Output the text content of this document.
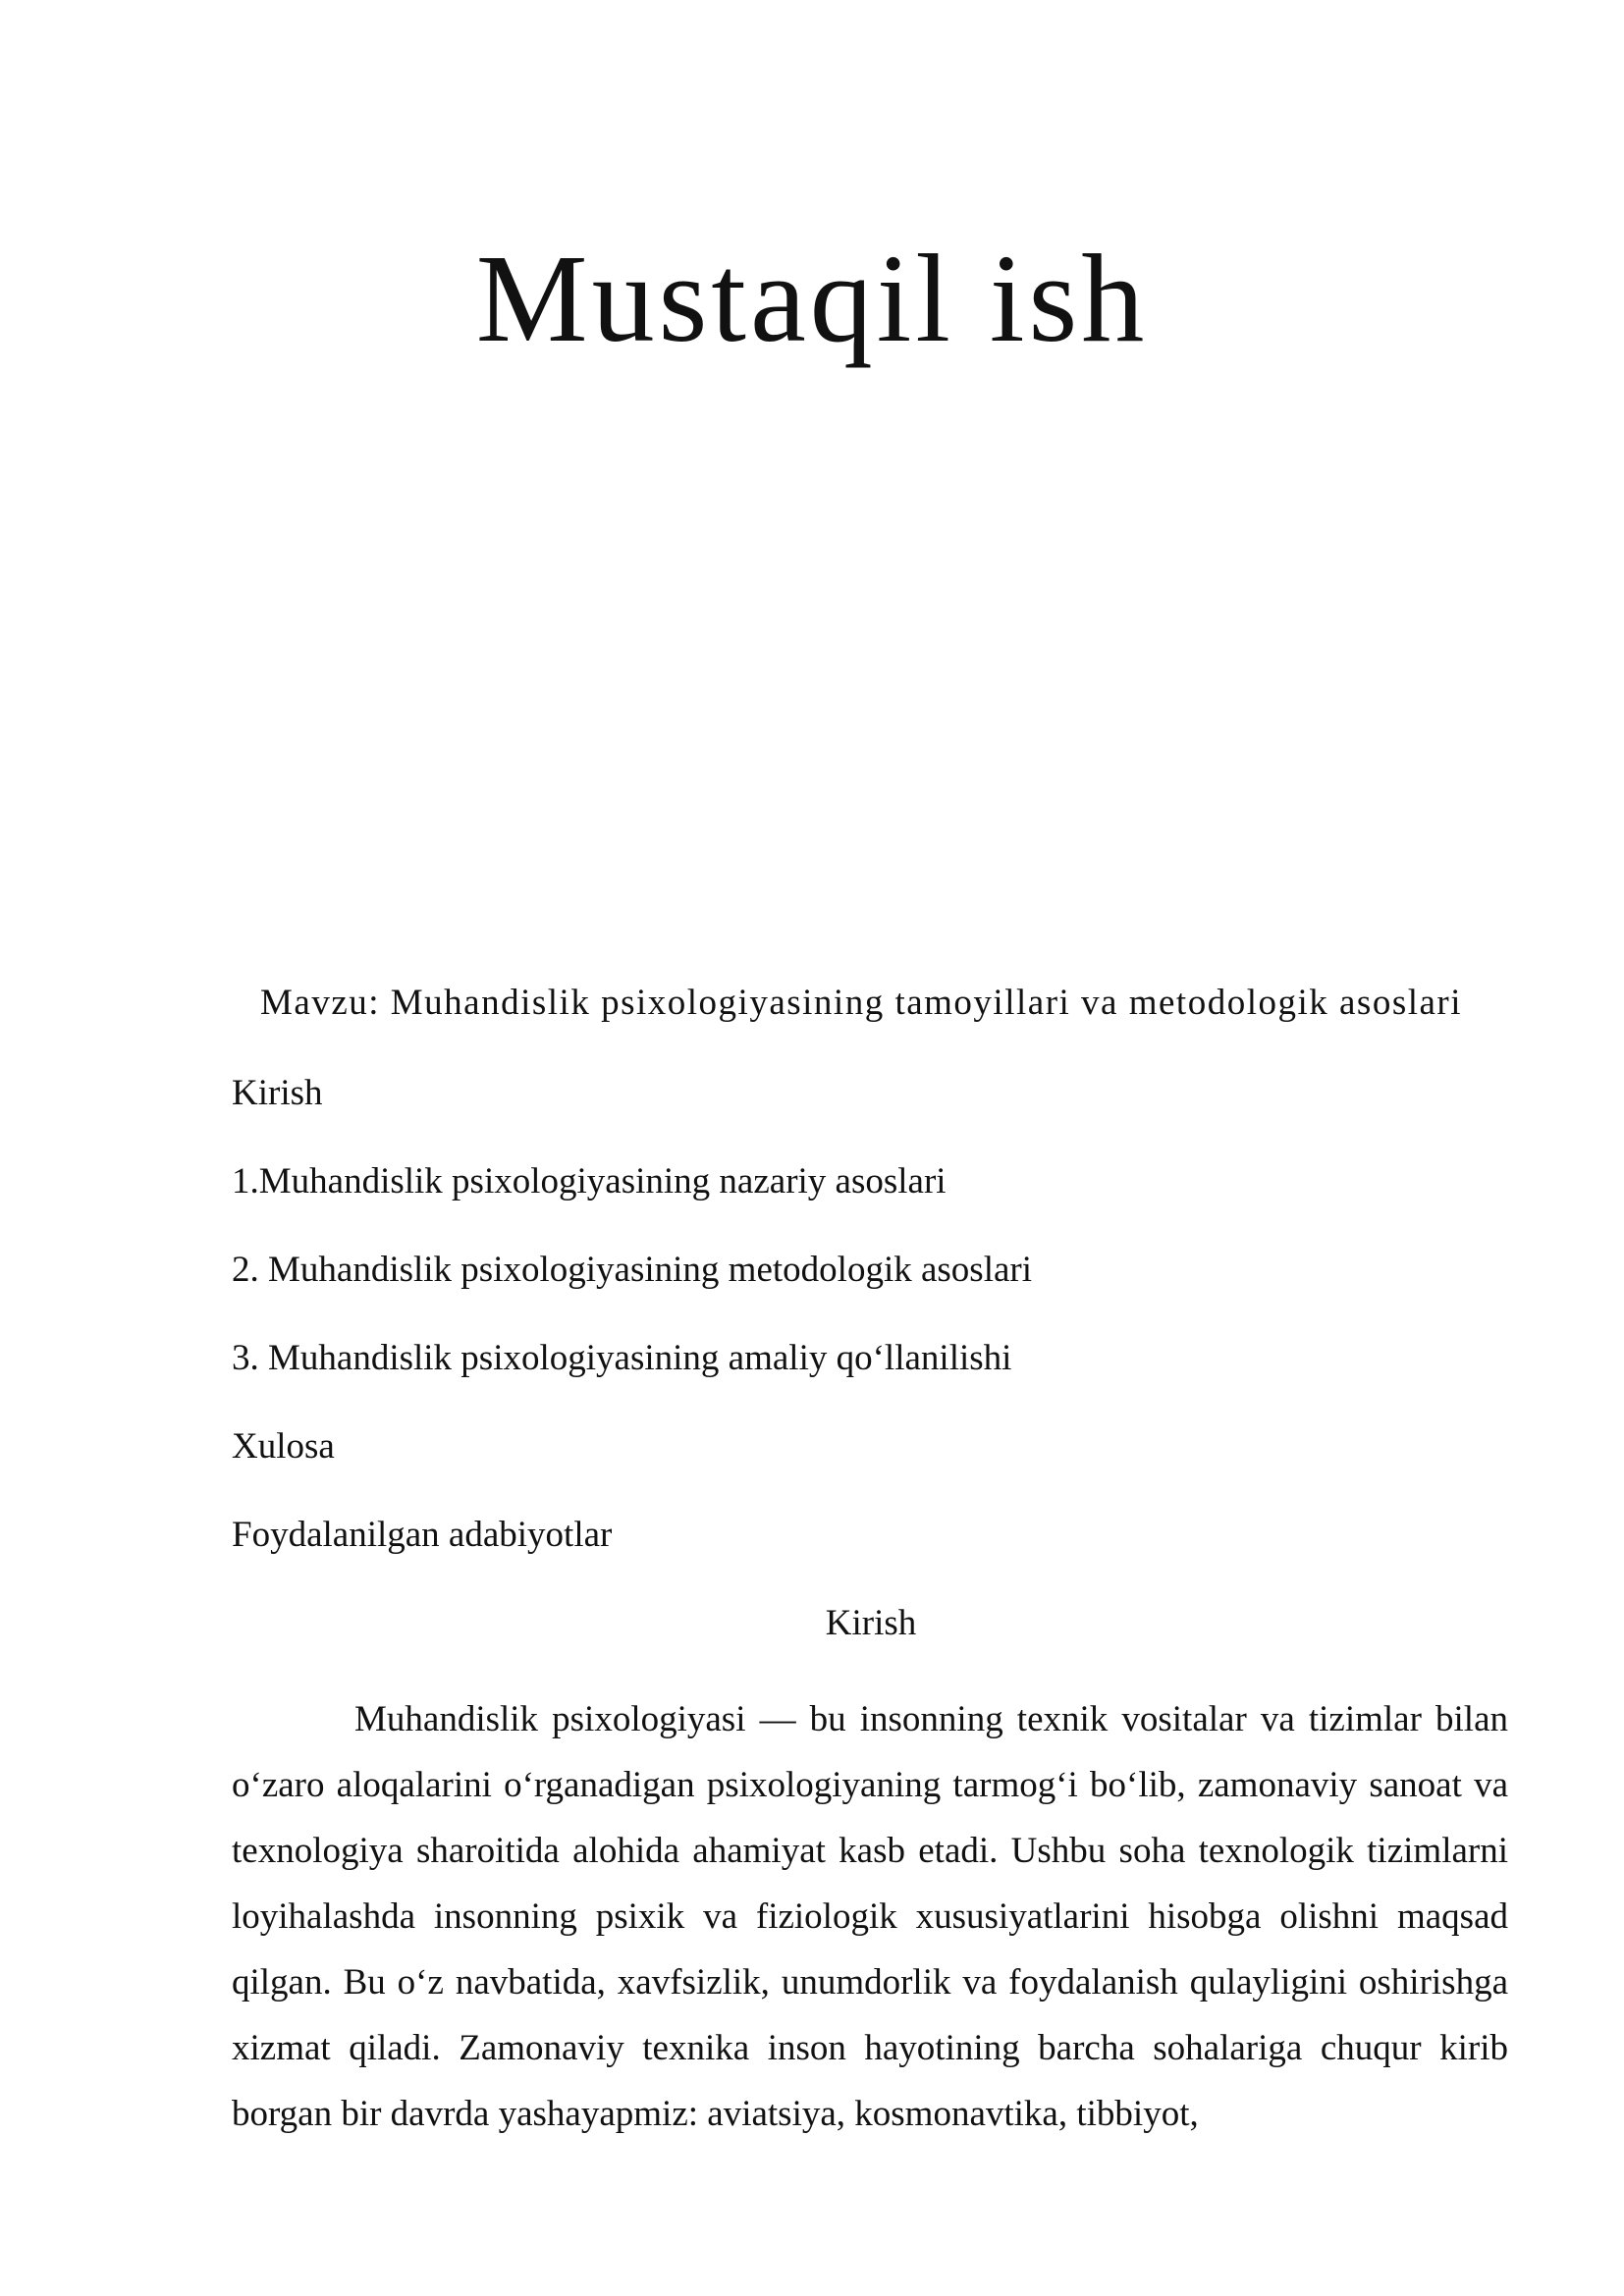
Mustaqil ish
Mavzu: Muhandislik psixologiyasining tamoyillari va metodologik asoslari
Kirish
1.Muhandislik psixologiyasining nazariy asoslari
2. Muhandislik psixologiyasining metodologik asoslari
3. Muhandislik psixologiyasining amaliy qo‘llanilishi
Xulosa
Foydalanilgan adabiyotlar
Kirish

Muhandislik psixologiyasi — bu insonning texnik vositalar va tizimlar bilan o‘zaro aloqalarini o‘rganadigan psixologiyaning tarmog‘i bo‘lib, zamonaviy sanoat va texnologiya sharoitida alohida ahamiyat kasb etadi. Ushbu soha texnologik tizimlarni loyihalashda insonning psixik va fiziologik xususiyatlarini hisobga olishni maqsad qilgan. Bu o‘z navbatida, xavfsizlik, unumdorlik va foydalanish qulayligini oshirishga xizmat qiladi. Zamonaviy texnika inson hayotining barcha sohalariga chuqur kirib borgan bir davrda yashayapmiz: aviatsiya, kosmonavtika, tibbiyot,
